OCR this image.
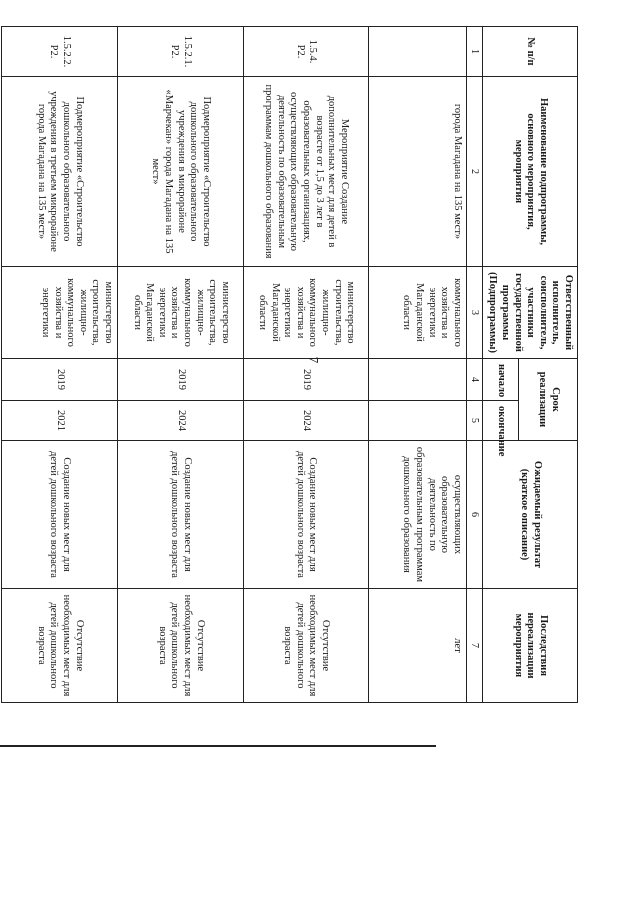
7
№ п/п	Наименование подпрограммы, основного мероприятия, мероприятия	Ответственный исполнитель, соисполнитель, участники государственной программы (Подпрограммы)	Срок реализации		Ожидаемый результат (краткое описание)	Последствия нереализации мероприятия
			начало	окончание		
1	2	3	4	5	6	7
	города Магадана на 135 мест»	коммунального хозяйства и энергетики Магаданской области			осуществляющих образовательную деятельность по образовательным программам дошкольного образования	лет
1.5.4. Р2.	Мероприятие Создание дополнительных мест для детей в возрасте от 1,5 до 3 лет в образовательных организациях, осуществляющих образовательную деятельность по образовательным программам дошкольного образования	министерство строительства, жилищно-коммунального хозяйства и энергетики Магаданской области	2019	2024	Создание новых мест для детей дошкольного возраста	Отсутствие необходимых мест для детей дошкольного возраста
1.5.2.1. Р2.	Подмероприятие «Строительство дошкольного образовательного учреждения в микрорайоне «Марчекан» города Магадана на 135 мест»	министерство строительства, жилищно-коммунального хозяйства и энергетики Магаданской области	2019	2024	Создание новых мест для детей дошкольного возраста	Отсутствие необходимых мест для детей дошкольного возраста
1.5.2.2. Р2.	Подмероприятие «Строительство дошкольного образовательного учреждения в третьем микрорайоне города Магадана на 135 мест»	министерство строительства, жилищно-коммунального хозяйства и энергетики	2019	2021	Создание новых мест для детей дошкольного возраста	Отсутствие необходимых мест для детей дошкольного возраста
